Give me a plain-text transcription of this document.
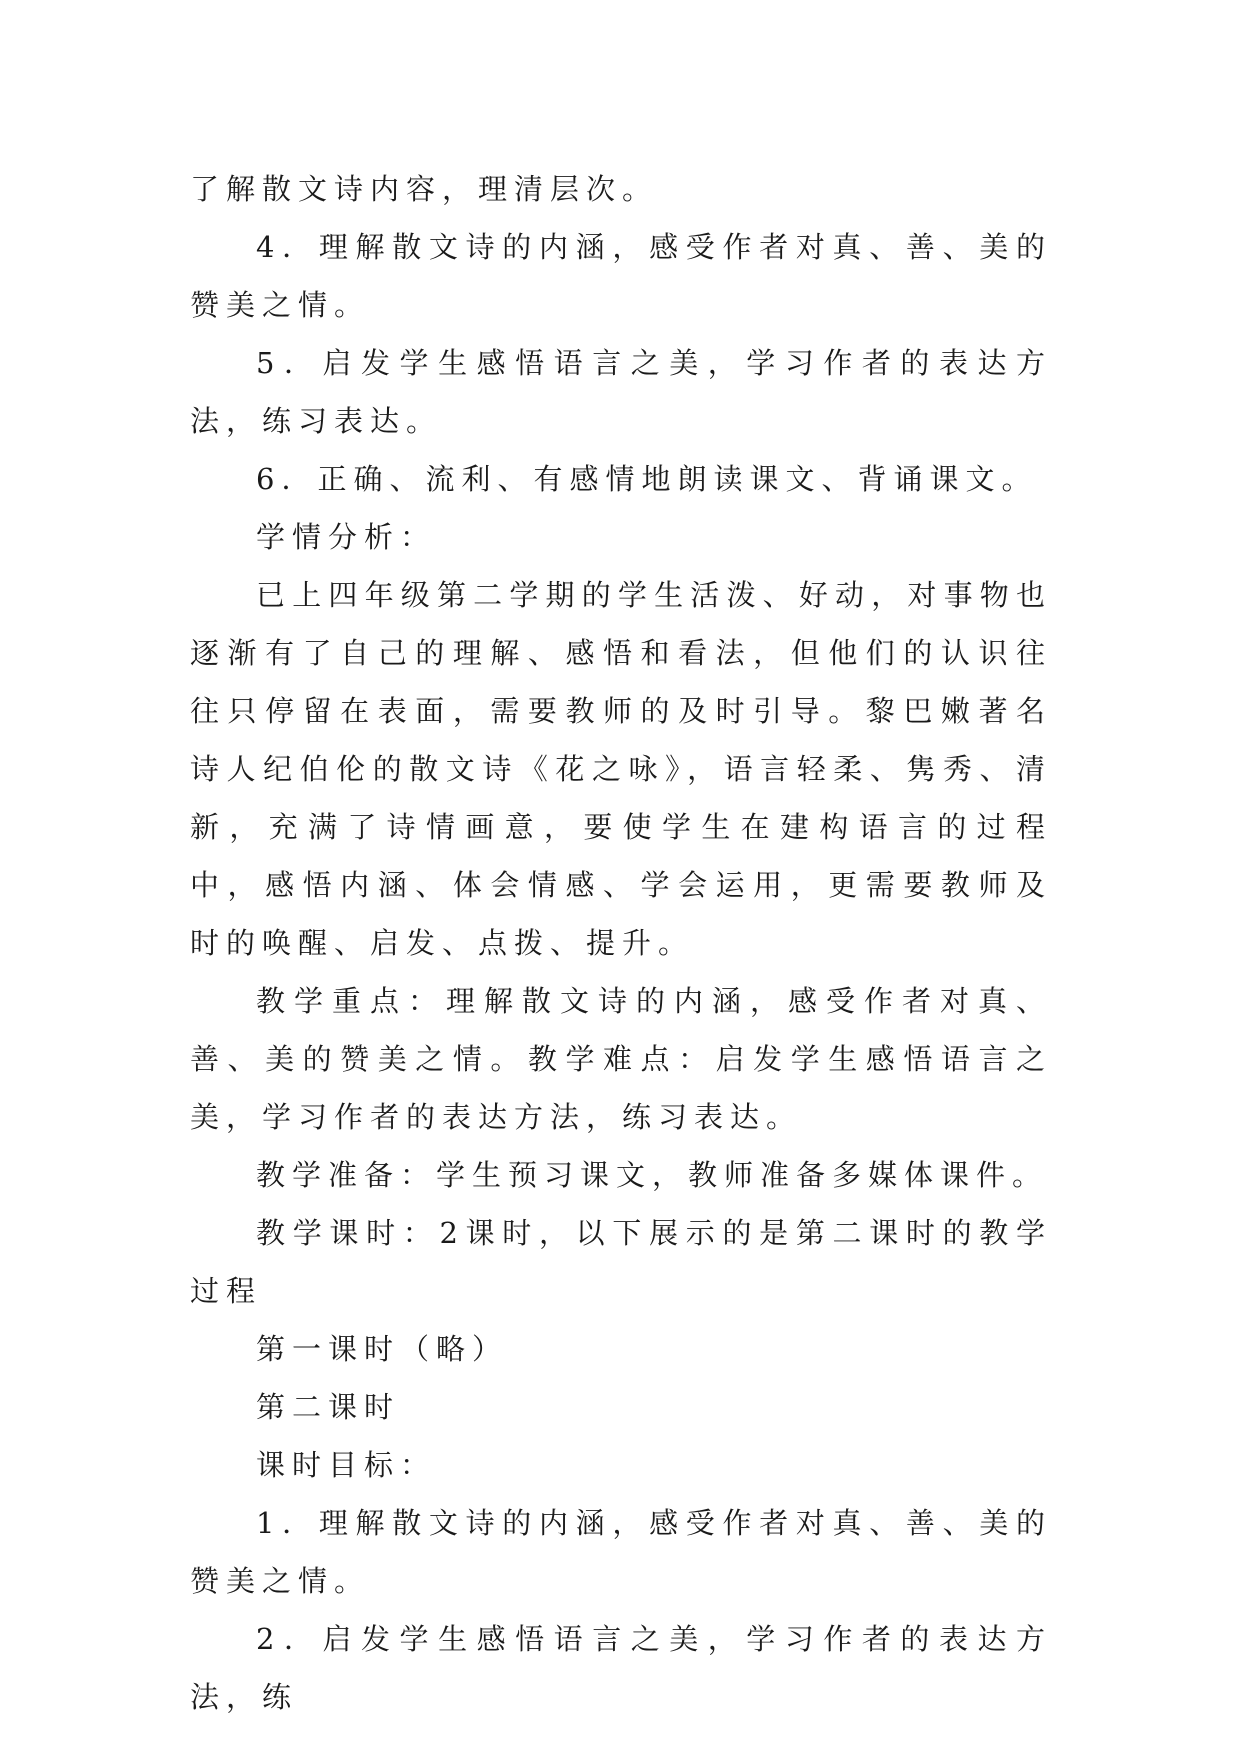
了解散文诗内容，理清层次。

4．理解散文诗的内涵，感受作者对真、善、美的赞美之情。

5．启发学生感悟语言之美，学习作者的表达方法，练习表达。

6．正确、流利、有感情地朗读课文、背诵课文。

学情分析：

已上四年级第二学期的学生活泼、好动，对事物也逐渐有了自己的理解、感悟和看法，但他们的认识往往只停留在表面，需要教师的及时引导。黎巴嫩著名诗人纪伯伦的散文诗《花之咏》，语言轻柔、隽秀、清新，充满了诗情画意，要使学生在建构语言的过程中，感悟内涵、体会情感、学会运用，更需要教师及时的唤醒、启发、点拨、提升。

教学重点：理解散文诗的内涵，感受作者对真、善、美的赞美之情。教学难点：启发学生感悟语言之美，学习作者的表达方法，练习表达。

教学准备：学生预习课文，教师准备多媒体课件。

教学课时：2课时，以下展示的是第二课时的教学过程

第一课时（略）

第二课时

课时目标：

1．理解散文诗的内涵，感受作者对真、善、美的赞美之情。

2．启发学生感悟语言之美，学习作者的表达方法，练
